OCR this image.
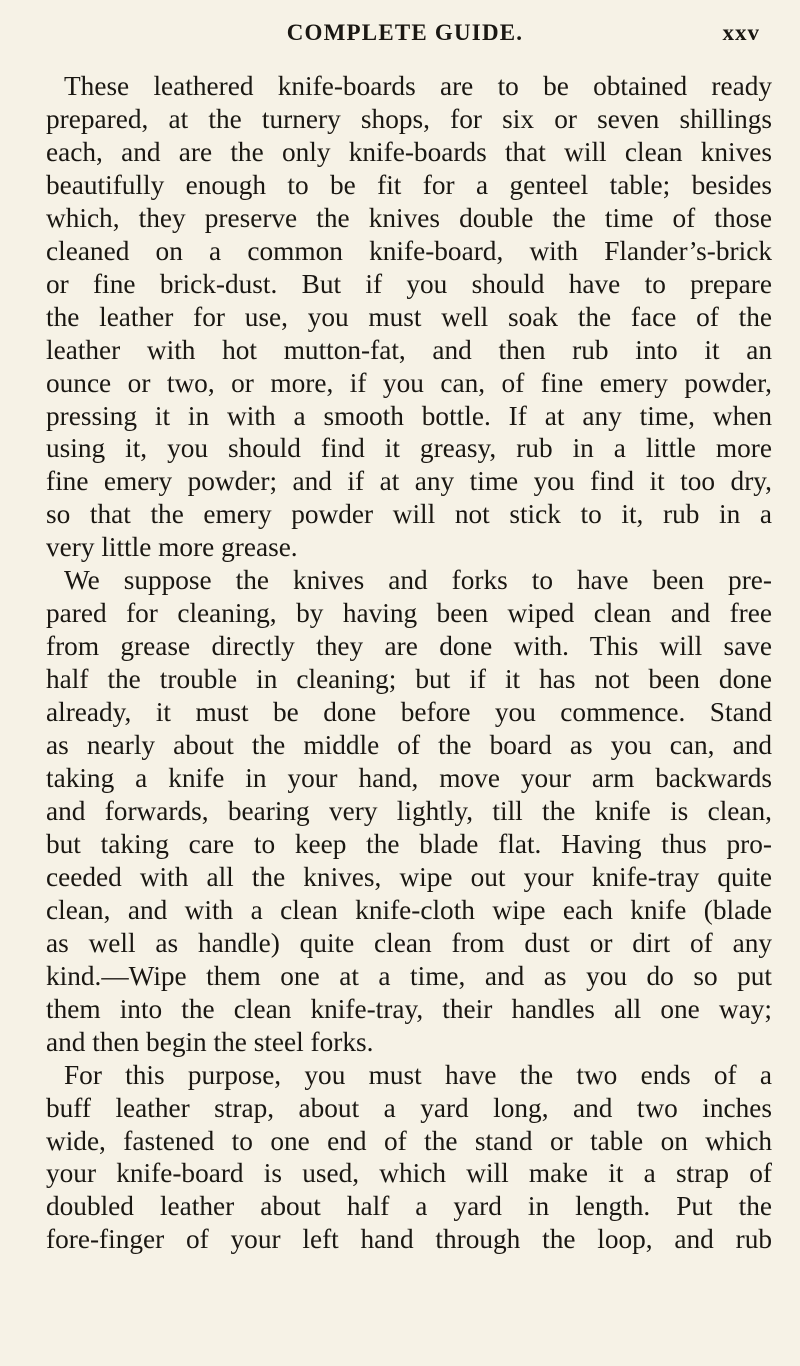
COMPLETE GUIDE.	xxv

These leathered knife-boards are to be obtained ready
prepared, at the turnery shops, for six or seven shillings
each, and are the only knife-boards that will clean knives
beautifully enough to be fit for a genteel table; besides
which, they preserve the knives double the time of those
cleaned on a common knife-board, with Flander’s-brick
or fine brick-dust. But if you should have to prepare
the leather for use, you must well soak the face of the
leather with hot mutton-fat, and then rub into it an
ounce or two, or more, if you can, of fine emery powder,
pressing it in with a smooth bottle. If at any time, when
using it, you should find it greasy, rub in a little more
fine emery powder; and if at any time you find it too dry,
so that the emery powder will not stick to it, rub in a
very little more grease.

We suppose the knives and forks to have been pre-
pared for cleaning, by having been wiped clean and free
from grease directly they are done with. This will save
half the trouble in cleaning; but if it has not been done
already, it must be done before you commence. Stand
as nearly about the middle of the board as you can, and
taking a knife in your hand, move your arm backwards
and forwards, bearing very lightly, till the knife is clean,
but taking care to keep the blade flat. Having thus pro-
ceeded with all the knives, wipe out your knife-tray quite
clean, and with a clean knife-cloth wipe each knife (blade
as well as handle) quite clean from dust or dirt of any
kind.—Wipe them one at a time, and as you do so put
them into the clean knife-tray, their handles all one way;
and then begin the steel forks.

For this purpose, you must have the two ends of a
buff leather strap, about a yard long, and two inches
wide, fastened to one end of the stand or table on which
your knife-board is used, which will make it a strap of
doubled leather about half a yard in length. Put the
fore-finger of your left hand through the loop, and rub
